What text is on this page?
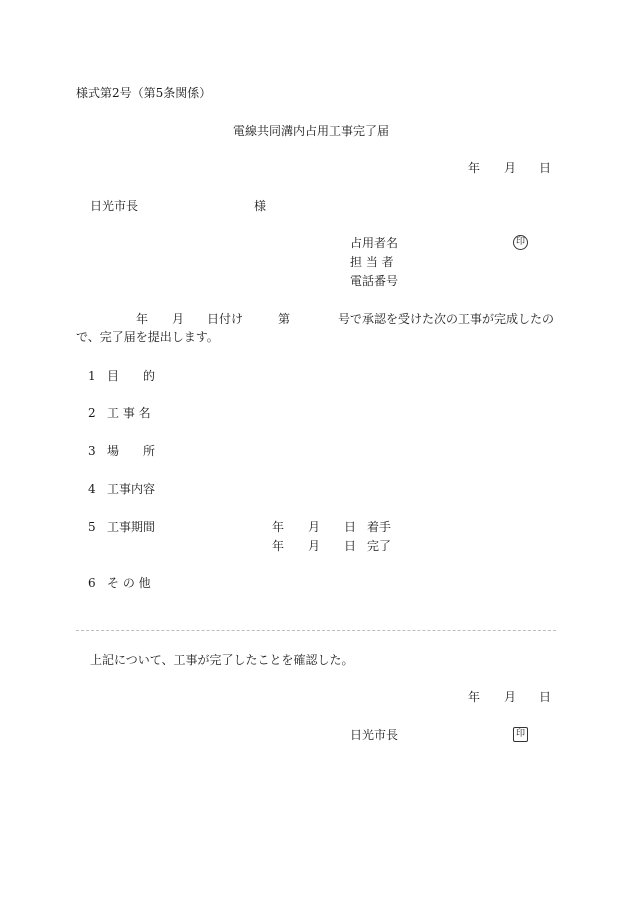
様式第2号（第5条関係）
電線共同溝内占用工事完了届
年 月 日
日光市長	様
占用者名	印
担 当 者
電話番号
年 月 日付け	第	号で承認を受けた次の工事が完成したの
で、完了届を提出します。
1 目　　的
2 工 事 名
3 場　　所
4 工事内容
5 工事期間	年 月 日 着手
年 月 日 完了
6 そ の 他
上記について、工事が完了したことを確認した。
年 月 日
日光市長	印
